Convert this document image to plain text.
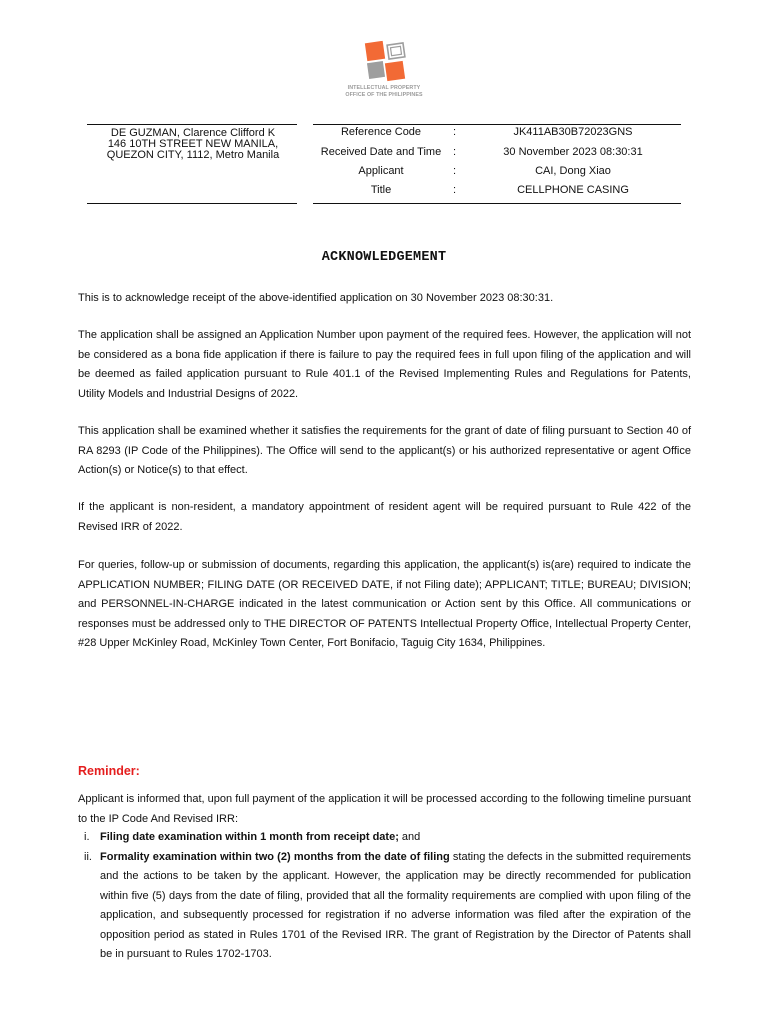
INTELLECTUAL PROPERTY
OFFICE OF THE PHILIPPINES
DE GUZMAN, Clarence Clifford K
146 10TH STREET NEW MANILA,
QUEZON CITY, 1112, Metro Manila
Reference Code	:	JK411AB30B72023GNS
Received Date and Time	:	30 November 2023 08:30:31
Applicant	:	CAI, Dong Xiao
Title	:	CELLPHONE CASING
ACKNOWLEDGEMENT

This is to acknowledge receipt of the above-identified application on 30 November 2023 08:30:31.

The application shall be assigned an Application Number upon payment of the required fees. However, the application will not be considered as a bona fide application if there is failure to pay the required fees in full upon filing of the application and will be deemed as failed application pursuant to Rule 401.1 of the Revised Implementing Rules and Regulations for Patents, Utility Models and Industrial Designs of 2022.

This application shall be examined whether it satisfies the requirements for the grant of date of filing pursuant to Section 40 of RA 8293 (IP Code of the Philippines). The Office will send to the applicant(s) or his authorized representative or agent Office Action(s) or Notice(s) to that effect.

If the applicant is non-resident, a mandatory appointment of resident agent will be required pursuant to Rule 422 of the Revised IRR of 2022.

For queries, follow-up or submission of documents, regarding this application, the applicant(s) is(are) required to indicate the APPLICATION NUMBER; FILING DATE (OR RECEIVED DATE, if not Filing date); APPLICANT; TITLE; BUREAU; DIVISION; and PERSONNEL-IN-CHARGE indicated in the latest communication or Action sent by this Office. All communications or responses must be addressed only to THE DIRECTOR OF PATENTS Intellectual Property Office, Intellectual Property Center, #28 Upper McKinley Road, McKinley Town Center, Fort Bonifacio, Taguig City 1634, Philippines.

Reminder:

Applicant is informed that, upon full payment of the application it will be processed according to the following timeline pursuant to the IP Code And Revised IRR:

i. Filing date examination within 1 month from receipt date; and
ii. Formality examination within two (2) months from the date of filing stating the defects in the submitted requirements and the actions to be taken by the applicant. However, the application may be directly recommended for publication within five (5) days from the date of filing, provided that all the formality requirements are complied with upon filing of the application, and subsequently processed for registration if no adverse information was filed after the expiration of the opposition period as stated in Rules 1701 of the Revised IRR. The grant of Registration by the Director of Patents shall be in pursuant to Rules 1702-1703.
